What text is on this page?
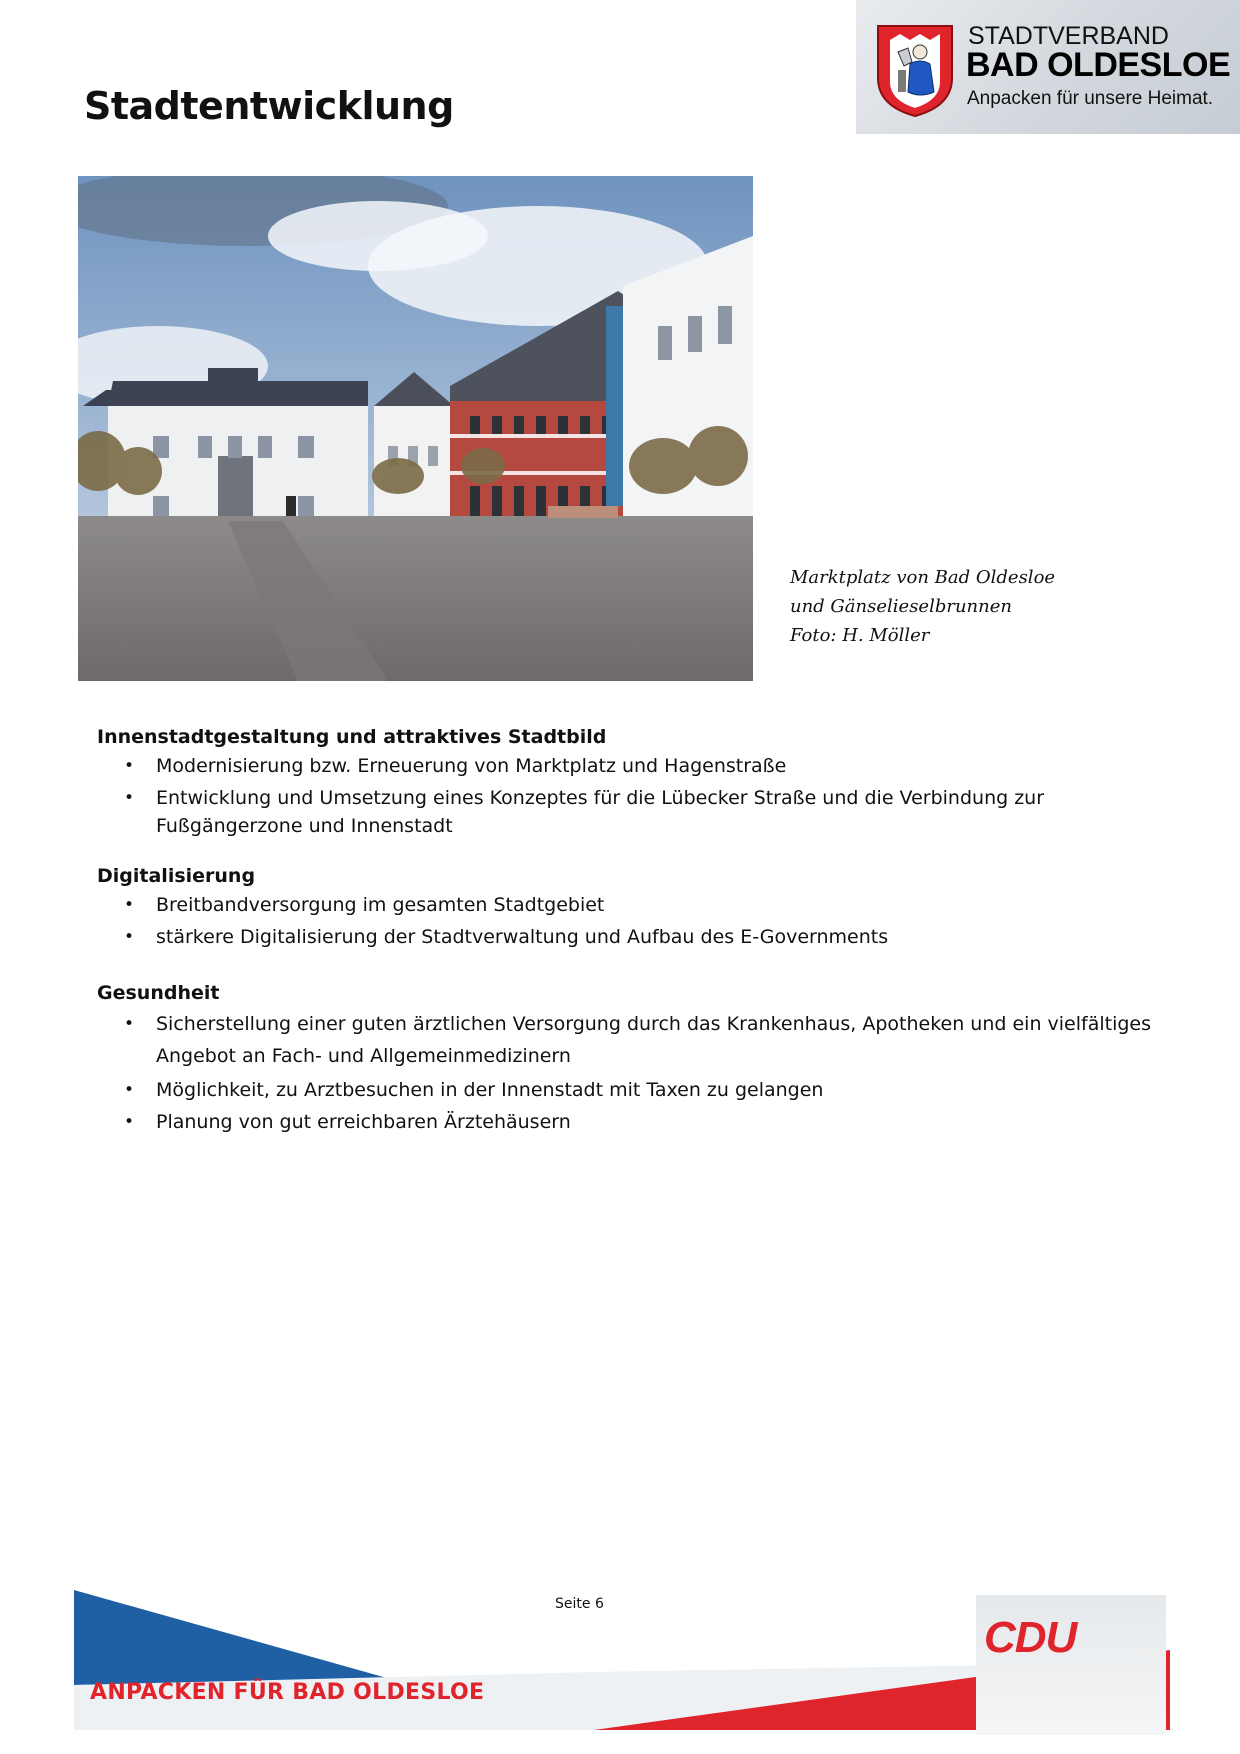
Stadtentwicklung
STADTVERBAND
BAD OLDESLOE
Anpacken für unsere Heimat.
Marktplatz von Bad Oldesloe
und Gänselieselbrunnen
Foto: H. Möller
Innenstadtgestaltung und attraktives Stadtbild
• Modernisierung bzw. Erneuerung von Marktplatz und Hagenstraße
• Entwicklung und Umsetzung eines Konzeptes für die Lübecker Straße und die Verbindung zur Fußgängerzone und Innenstadt
Digitalisierung
• Breitbandversorgung im gesamten Stadtgebiet
• stärkere Digitalisierung der Stadtverwaltung und Aufbau des E-Governments
Gesundheit
• Sicherstellung einer guten ärztlichen Versorgung durch das Krankenhaus, Apotheken und ein vielfältiges Angebot an Fach- und Allgemeinmedizinern
• Möglichkeit, zu Arztbesuchen in der Innenstadt mit Taxen zu gelangen
• Planung von gut erreichbaren Ärztehäusern
Seite 6
ANPACKEN FÜR BAD OLDESLOE
CDU
